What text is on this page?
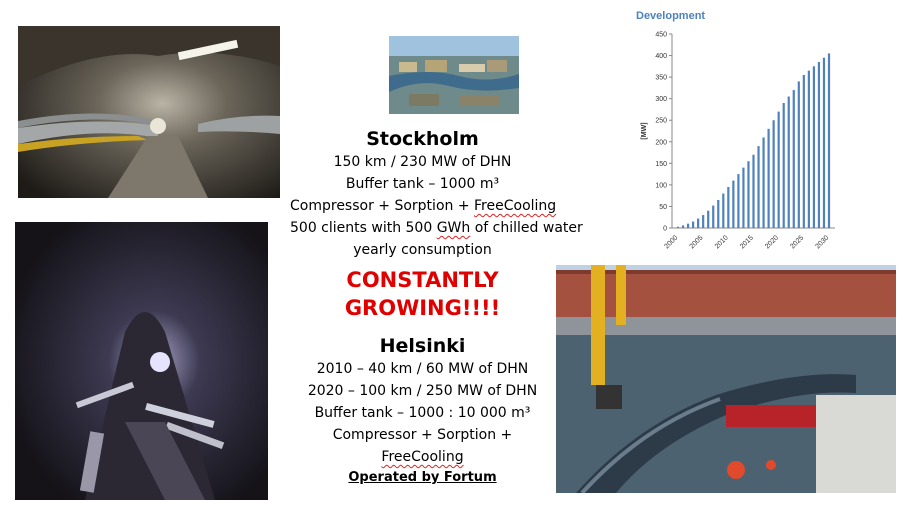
Stockholm
150 km / 230 MW of DHN
Buffer tank – 1000 m³
Compressor + Sorption + FreeCooling
500 clients with 500 GWh of chilled water
yearly consumption
CONSTANTLY
GROWING!!!!
Helsinki
2010 – 40 km / 60 MW of DHN
2020 – 100 km / 250 MW of DHN
Buffer tank – 1000 : 10 000 m³
Compressor + Sorption +
FreeCooling
Operated by Fortum
Development
0
50
100
150
200
250
300
350
400
450
[MW]
2000 2005 2010 2015 2020 2025 2030
